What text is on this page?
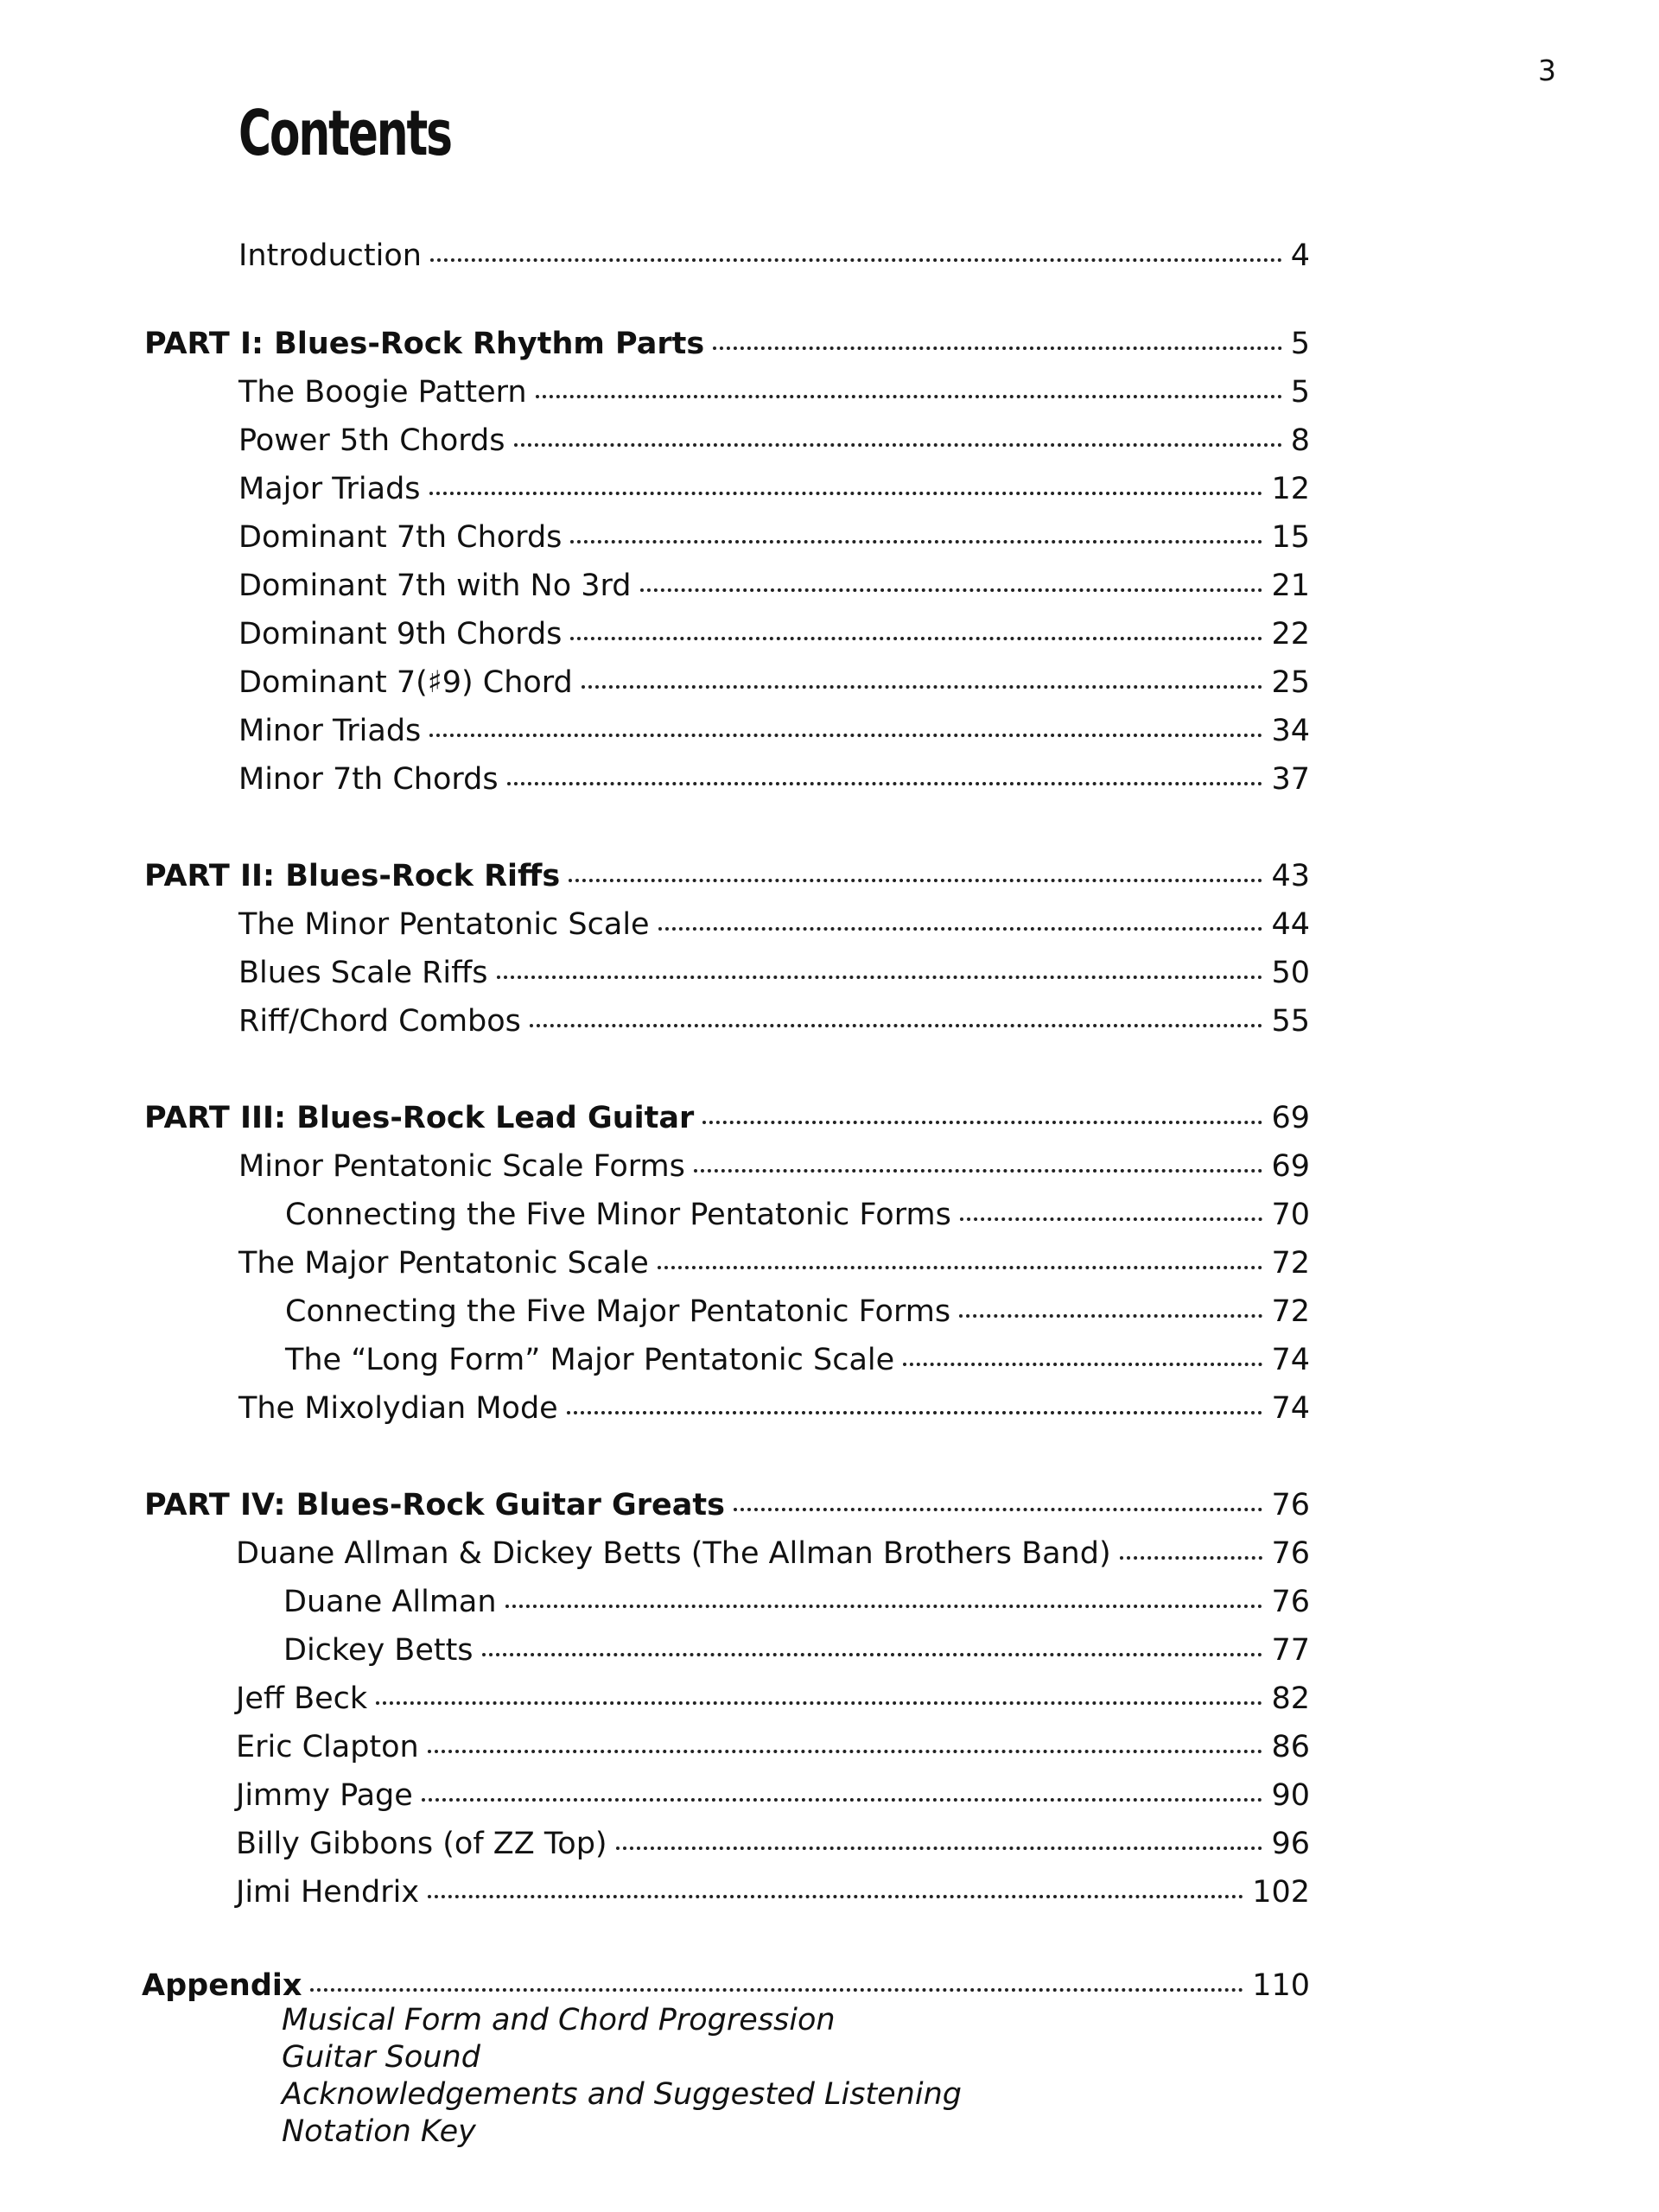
3
Contents
Introduction	4
PART I: Blues-Rock Rhythm Parts	5
The Boogie Pattern	5
Power 5th Chords	8
Major Triads	12
Dominant 7th Chords	15
Dominant 7th with No 3rd	21
Dominant 9th Chords	22
Dominant 7(♯9) Chord	25
Minor Triads	34
Minor 7th Chords	37
PART II: Blues-Rock Riffs	43
The Minor Pentatonic Scale	44
Blues Scale Riffs	50
Riff/Chord Combos	55
PART III: Blues-Rock Lead Guitar	69
Minor Pentatonic Scale Forms	69
Connecting the Five Minor Pentatonic Forms	70
The Major Pentatonic Scale	72
Connecting the Five Major Pentatonic Forms	72
The “Long Form” Major Pentatonic Scale	74
The Mixolydian Mode	74
PART IV: Blues-Rock Guitar Greats	76
Duane Allman & Dickey Betts (The Allman Brothers Band)	76
Duane Allman	76
Dickey Betts	77
Jeff Beck	82
Eric Clapton	86
Jimmy Page	90
Billy Gibbons (of ZZ Top)	96
Jimi Hendrix	102
Appendix	110
Musical Form and Chord Progression
Guitar Sound
Acknowledgements and Suggested Listening
Notation Key
